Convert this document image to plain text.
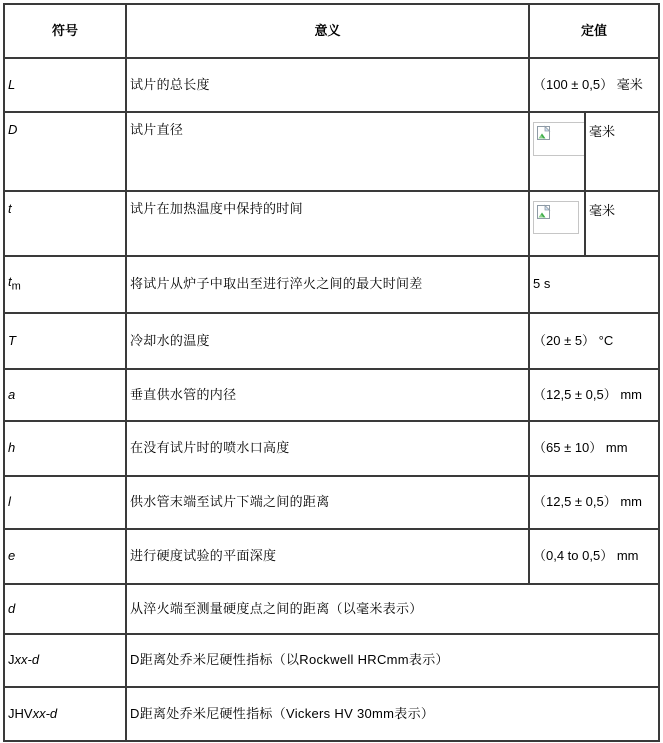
符号	意义	定值	
L	试片的总长度	（100 ± 0,5） 毫米	
D	试片直径		毫米
t	试片在加热温度中保持的时间		毫米
$t_m$	将试片从炉子中取出至进行淬火之间的最大时间差	5 s	
T	冷却水的温度	（20 ± 5） °C	
a	垂直供水管的内径	（12,5 ± 0,5） mm	
h	在没有试片时的喷水口高度	（65 ± 10） mm	
l	供水管末端至试片下端之间的距离	（12,5 ± 0,5） mm	
e	进行硬度试验的平面深度	（0,4 to 0,5） mm	
d	从淬火端至测量硬度点之间的距离（以毫米表示）		
Jxx-d	D距离处乔米尼硬性指标（以Rockwell HRCmm表示）		
JHVxx-d	D距离处乔米尼硬性指标（Vickers HV 30mm表示）		
